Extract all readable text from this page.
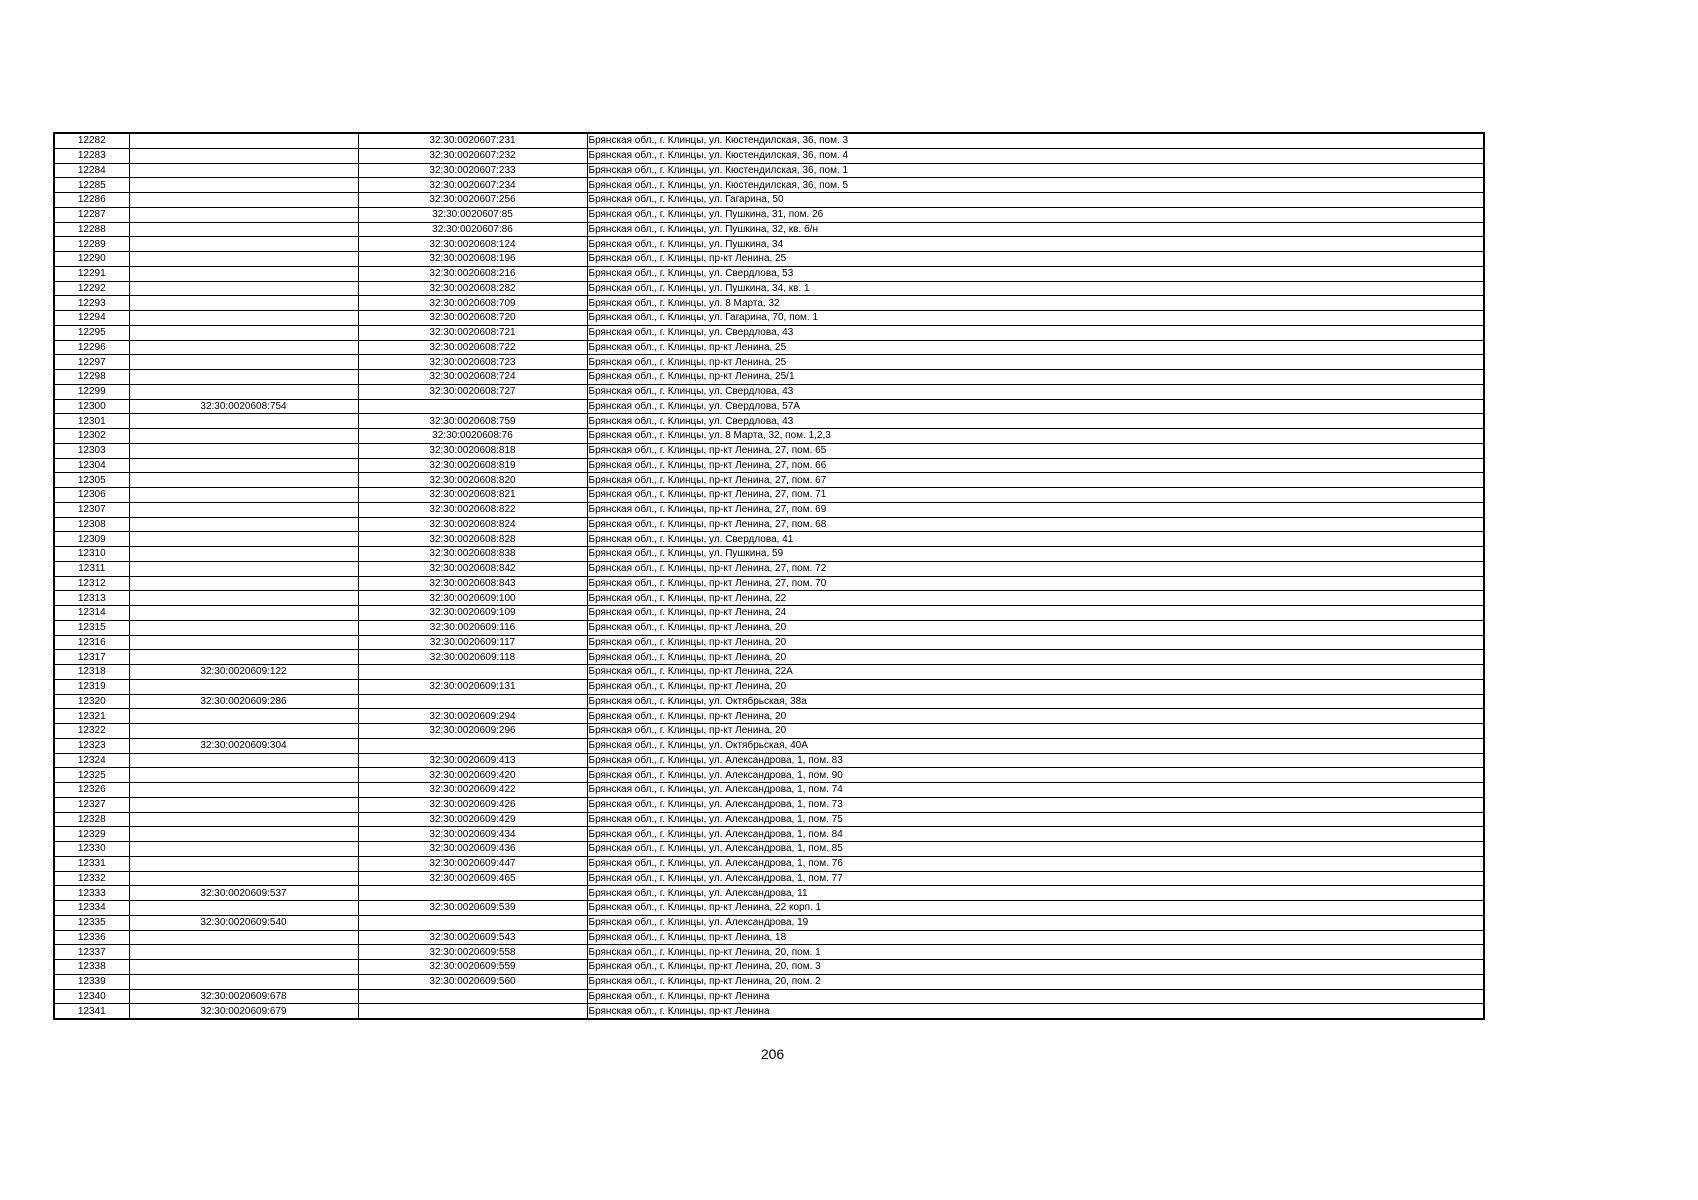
12282		32:30:0020607:231	Брянская обл., г. Клинцы, ул. Кюстендилская, 36, пом. 3
12283		32:30:0020607:232	Брянская обл., г. Клинцы, ул. Кюстендилская, 36, пом. 4
12284		32:30:0020607:233	Брянская обл., г. Клинцы, ул. Кюстендилская, 36, пом. 1
12285		32:30:0020607:234	Брянская обл., г. Клинцы, ул. Кюстендилская, 36, пом. 5
12286		32:30:0020607:256	Брянская обл., г. Клинцы, ул. Гагарина, 50
12287		32:30:0020607:85	Брянская обл., г. Клинцы, ул. Пушкина, 31, пом. 26
12288		32:30:0020607:86	Брянская обл., г. Клинцы, ул. Пушкина, 32, кв. б/н
12289		32:30:0020608:124	Брянская обл., г. Клинцы, ул. Пушкина, 34
12290		32:30:0020608:196	Брянская обл., г. Клинцы, пр-кт Ленина, 25
12291		32:30:0020608:216	Брянская обл., г. Клинцы, ул. Свердлова, 53
12292		32:30:0020608:282	Брянская обл., г. Клинцы, ул. Пушкина, 34, кв. 1
12293		32:30:0020608:709	Брянская обл., г. Клинцы, ул. 8 Марта, 32
12294		32:30:0020608:720	Брянская обл., г. Клинцы, ул. Гагарина, 70, пом. 1
12295		32:30:0020608:721	Брянская обл., г. Клинцы, ул. Свердлова, 43
12296		32:30:0020608:722	Брянская обл., г. Клинцы, пр-кт Ленина, 25
12297		32:30:0020608:723	Брянская обл., г. Клинцы, пр-кт Ленина, 25
12298		32:30:0020608:724	Брянская обл., г. Клинцы, пр-кт Ленина, 25/1
12299		32:30:0020608:727	Брянская обл., г. Клинцы, ул. Свердлова, 43
12300	32:30:0020608:754		Брянская обл., г. Клинцы, ул. Свердлова, 57А
12301		32:30:0020608:759	Брянская обл., г. Клинцы, ул. Свердлова, 43
12302		32:30:0020608:76	Брянская обл., г. Клинцы, ул. 8 Марта, 32, пом. 1,2,3
12303		32:30:0020608:818	Брянская обл., г. Клинцы, пр-кт Ленина, 27, пом. 65
12304		32:30:0020608:819	Брянская обл., г. Клинцы, пр-кт Ленина, 27, пом. 66
12305		32:30:0020608:820	Брянская обл., г. Клинцы, пр-кт Ленина, 27, пом. 67
12306		32:30:0020608:821	Брянская обл., г. Клинцы, пр-кт Ленина, 27, пом. 71
12307		32:30:0020608:822	Брянская обл., г. Клинцы, пр-кт Ленина, 27, пом. 69
12308		32:30:0020608:824	Брянская обл., г. Клинцы, пр-кт Ленина, 27, пом. 68
12309		32:30:0020608:828	Брянская обл., г. Клинцы, ул. Свердлова, 41
12310		32:30:0020608:838	Брянская обл., г. Клинцы, ул. Пушкина, 59
12311		32:30:0020608:842	Брянская обл., г. Клинцы, пр-кт Ленина, 27, пом. 72
12312		32:30:0020608:843	Брянская обл., г. Клинцы, пр-кт Ленина, 27, пом. 70
12313		32:30:0020609:100	Брянская обл., г. Клинцы, пр-кт Ленина, 22
12314		32:30:0020609:109	Брянская обл., г. Клинцы, пр-кт Ленина, 24
12315		32:30:0020609:116	Брянская обл., г. Клинцы, пр-кт Ленина, 20
12316		32:30:0020609:117	Брянская обл., г. Клинцы, пр-кт Ленина, 20
12317		32:30:0020609:118	Брянская обл., г. Клинцы, пр-кт Ленина, 20
12318	32:30:0020609:122		Брянская обл., г. Клинцы, пр-кт Ленина, 22А
12319		32:30:0020609:131	Брянская обл., г. Клинцы, пр-кт Ленина, 20
12320	32:30:0020609:286		Брянская обл., г. Клинцы, ул. Октябрьская, 38а
12321		32:30:0020609:294	Брянская обл., г. Клинцы, пр-кт Ленина, 20
12322		32:30:0020609:296	Брянская обл., г. Клинцы, пр-кт Ленина, 20
12323	32:30:0020609:304		Брянская обл., г. Клинцы, ул. Октябрьская, 40А
12324		32:30:0020609:413	Брянская обл., г. Клинцы, ул. Александрова, 1, пом. 83
12325		32:30:0020609:420	Брянская обл., г. Клинцы, ул. Александрова, 1, пом. 90
12326		32:30:0020609:422	Брянская обл., г. Клинцы, ул. Александрова, 1, пом. 74
12327		32:30:0020609:426	Брянская обл., г. Клинцы, ул. Александрова, 1, пом. 73
12328		32:30:0020609:429	Брянская обл., г. Клинцы, ул. Александрова, 1, пом. 75
12329		32:30:0020609:434	Брянская обл., г. Клинцы, ул. Александрова, 1, пом. 84
12330		32:30:0020609:436	Брянская обл., г. Клинцы, ул. Александрова, 1, пом. 85
12331		32:30:0020609:447	Брянская обл., г. Клинцы, ул. Александрова, 1, пом. 76
12332		32:30:0020609:465	Брянская обл., г. Клинцы, ул. Александрова, 1, пом. 77
12333	32:30:0020609:537		Брянская обл., г. Клинцы, ул. Александрова, 11
12334		32:30:0020609:539	Брянская обл., г. Клинцы, пр-кт Ленина, 22 корп. 1
12335	32:30:0020609:540		Брянская обл., г. Клинцы, ул. Александрова, 19
12336		32:30:0020609:543	Брянская обл., г. Клинцы, пр-кт Ленина, 18
12337		32:30:0020609:558	Брянская обл., г. Клинцы, пр-кт Ленина, 20, пом. 1
12338		32:30:0020609:559	Брянская обл., г. Клинцы, пр-кт Ленина, 20, пом. 3
12339		32:30:0020609:560	Брянская обл., г. Клинцы, пр-кт Ленина, 20, пом. 2
12340	32:30:0020609:678		Брянская обл., г. Клинцы, пр-кт Ленина
12341	32:30:0020609:679		Брянская обл., г. Клинцы, пр-кт Ленина
206
